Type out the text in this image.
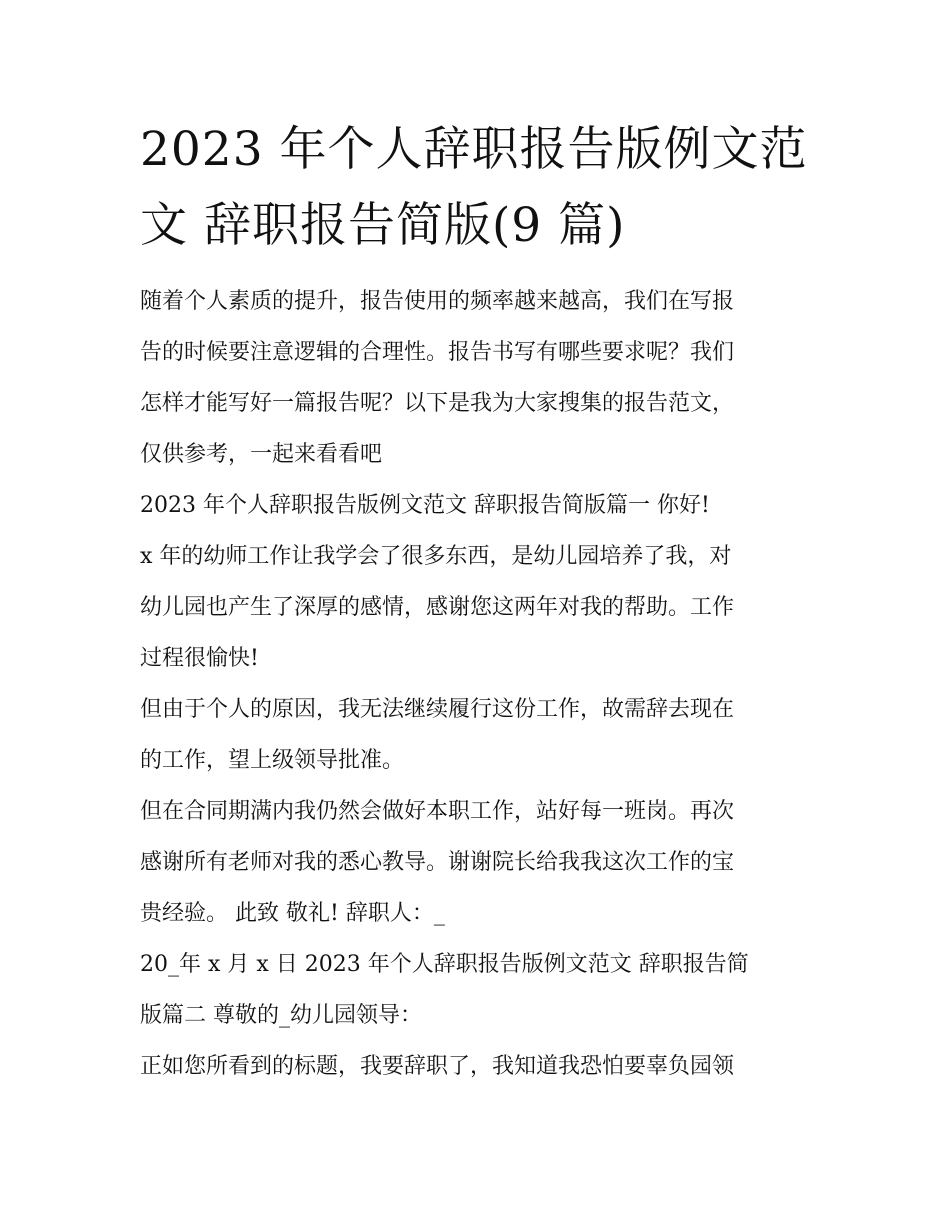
2023 年个人辞职报告版例文范
文 辞职报告简版(9 篇)

随着个人素质的提升，报告使用的频率越来越高，我们在写报
告的时候要注意逻辑的合理性。报告书写有哪些要求呢？我们
怎样才能写好一篇报告呢？以下是我为大家搜集的报告范文，
仅供参考，一起来看看吧

2023 年个人辞职报告版例文范文 辞职报告简版篇一 你好!

x 年的幼师工作让我学会了很多东西，是幼儿园培养了我，对
幼儿园也产生了深厚的感情，感谢您这两年对我的帮助。工作
过程很愉快!

但由于个人的原因，我无法继续履行这份工作，故需辞去现在
的工作，望上级领导批准。

但在合同期满内我仍然会做好本职工作，站好每一班岗。再次
感谢所有老师对我的悉心教导。谢谢院长给我我这次工作的宝
贵经验。 此致 敬礼! 辞职人：_

20_年 x 月 x 日 2023 年个人辞职报告版例文范文 辞职报告简
版篇二 尊敬的_幼儿园领导：

正如您所看到的标题，我要辞职了，我知道我恐怕要辜负园领
